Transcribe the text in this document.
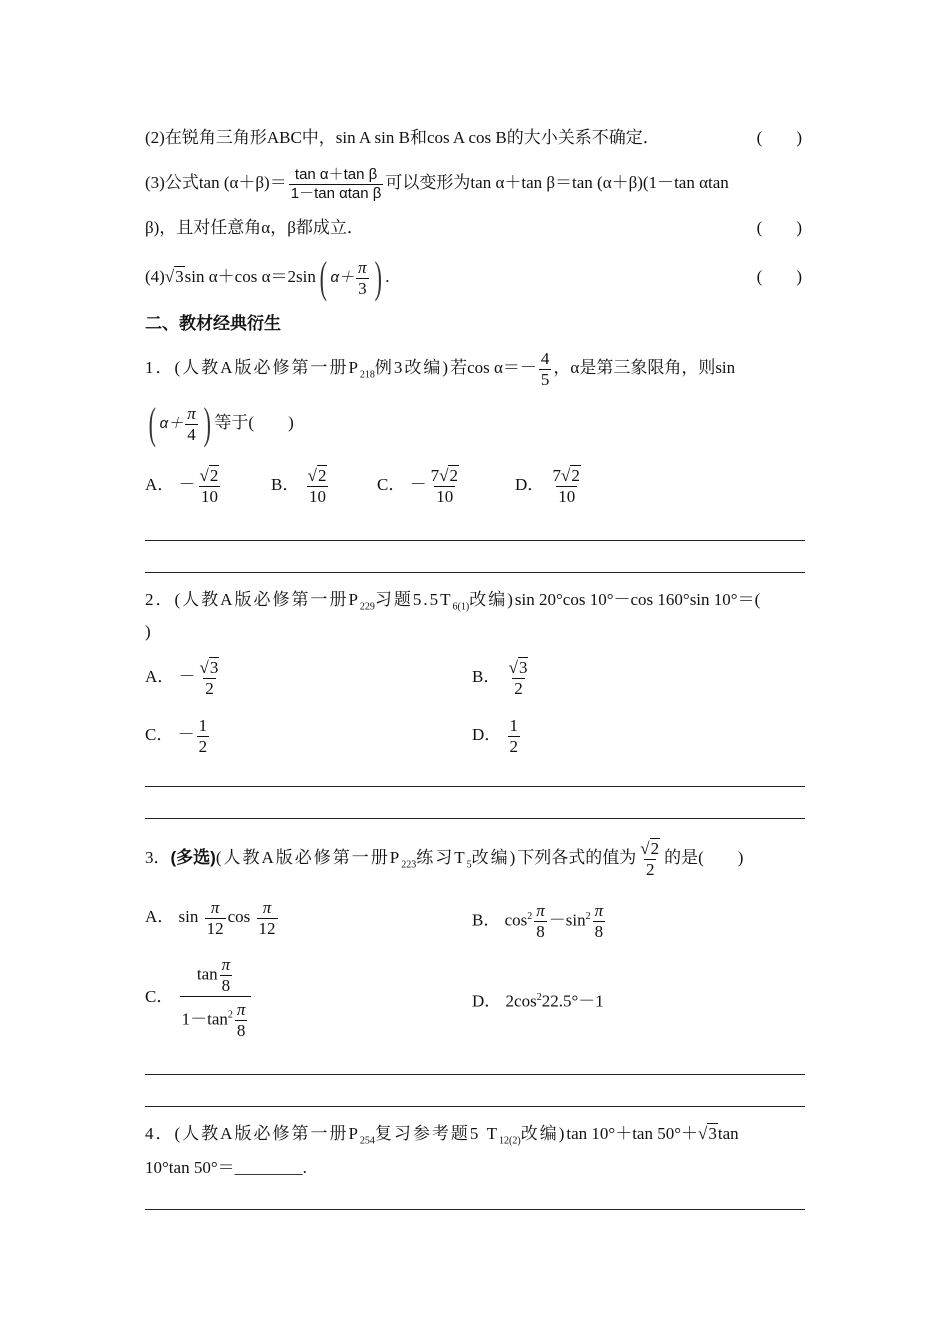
(2)在锐角三角形ABC中，sin A sin B和cos A cos B的大小关系不确定．	(　　)
(3)公式$\tan (\alpha+\beta)= \frac{\text{tan α＋tan β}}{\text{1－tan αtan β}}$ 可以变形为tan α＋tan β＝tan (α＋β)(1－tan αtan
β)，且对任意角α，β都成立．	(　　)
(4)√3sin α＋cos α＝2sin( $\alpha+ \frac{\pi}{3}$ ) .	(　　)
二、教材经典衍生
1．(人教A版必修第一册$P_{218}$例3改编)若$\cos \alpha=- \frac{4}{5}$ ，α是第三象限角，则sin
( $\alpha+ \frac{\pi}{4}$ ) 等于(　　)
A． － $\frac{√2}{10}$	B． $\frac{√2}{10}$	C． － $\frac{7√2}{10}$	D． $\frac{7√2}{10}$
2．(人教A版必修第一册$P_{229}$习题$5.5T_{6(1)}$改编)sin 20°cos 10°－cos 160°sin 10°＝(
)
A． － $\frac{√3}{2}$	B． $\frac{√3}{2}$
C． － $\frac{1}{2}$	D． $\frac{1}{2}$
3．(多选)(人教A版必修第一册$P_{223}$练习$T_5$改编)下列各式的值为 $\frac{√2}{2}$ 的是(　　)
A． $\sin \frac{\pi}{12}$ $\cos \frac{\pi}{12}$	B． $\cos^2 \frac{\pi}{8} -\sin^2 \frac{\pi}{8}$
C． $\frac{\tan \frac{\pi}{8}}{1-\tan^2 \frac{\pi}{8}}$	D． $2\cos^222.5^\circ-1$
4．(人教A版必修第一册$P_{254}$复习参考题5 $T_{12(2)}$改编)tan 10°＋tan 50°＋√3tan
10°tan 50°＝________.
